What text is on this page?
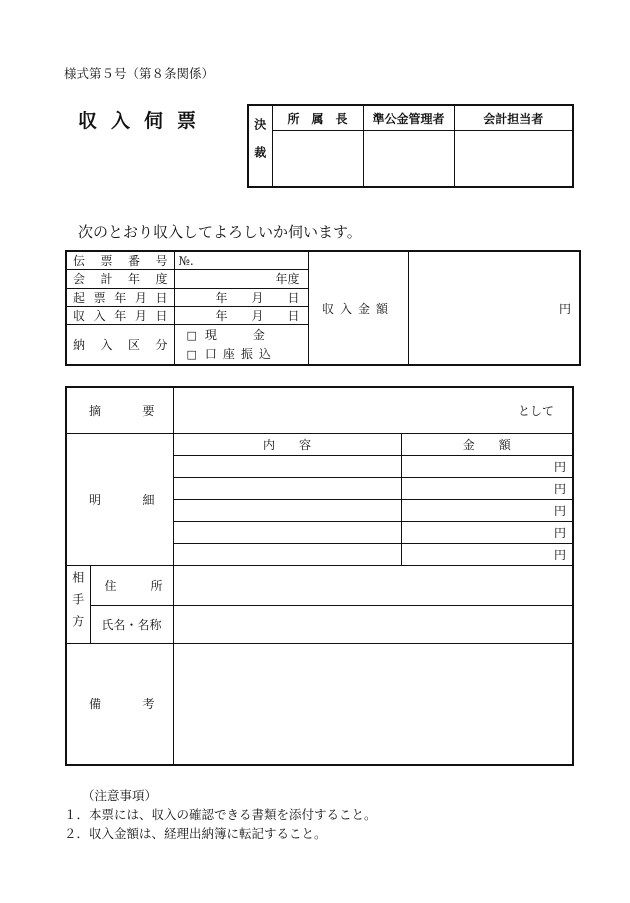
様式第５号（第８条関係）
収入伺票	決裁	所　属　長	準公金管理者	会計担当者

次のとおり収入してよろしいか伺います。
伝票番号	№.	収入金額	円
会計年度	年度		
起票年月日	年　　月　　日		
収入年月日	年　　月　　日		
納入区分	□ 現　　　金
□ 口座振込		
摘要		として	
明細		内　　容	金　　額
			円
			円
			円
			円
			円
相手方	住所		
	氏名・名称		
備考			
（注意事項）
１．本票には、収入の確認できる書類を添付すること。
２．収入金額は、経理出納簿に転記すること。
